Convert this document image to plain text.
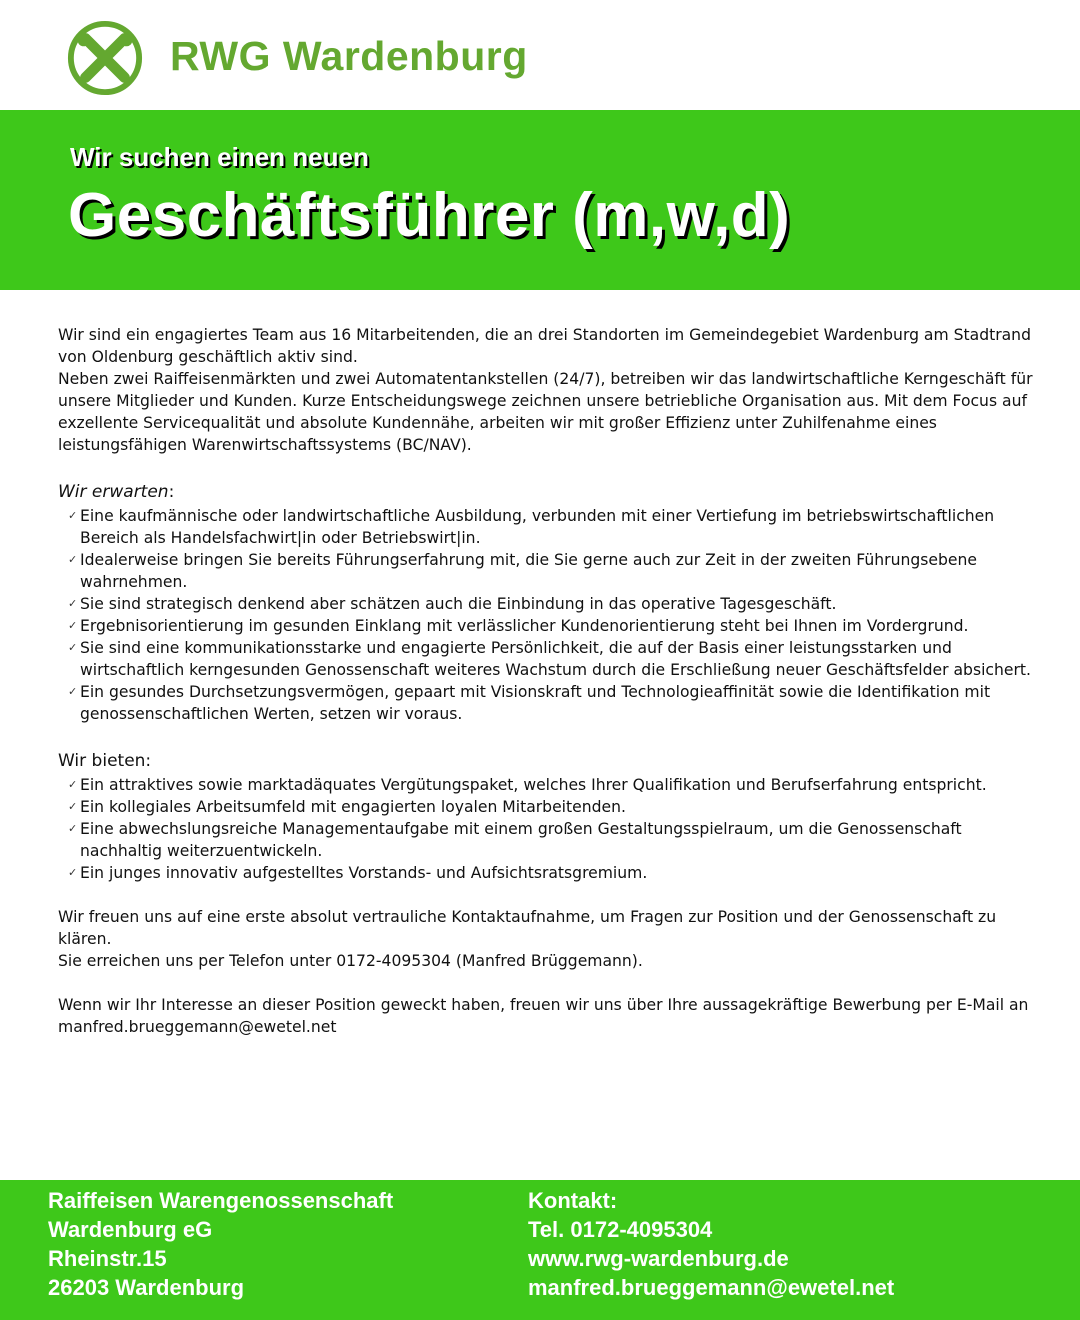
RWG Wardenburg
Wir suchen einen neuen
Geschäftsführer (m,w,d)

Wir sind ein engagiertes Team aus 16 Mitarbeitenden, die an drei Standorten im Gemeindegebiet Wardenburg am Stadtrand von Oldenburg geschäftlich aktiv sind.

Neben zwei Raiffeisenmärkten und zwei Automatentankstellen (24/7), betreiben wir das landwirtschaftliche Kerngeschäft für unsere Mitglieder und Kunden. Kurze Entscheidungswege zeichnen unsere betriebliche Organisation aus. Mit dem Focus auf exzellente Servicequalität und absolute Kundennähe, arbeiten wir mit großer Effizienz unter Zuhilfenahme eines leistungsfähigen Warenwirtschaftssystems (BC/NAV).

Wir erwarten:
✓ Eine kaufmännische oder landwirtschaftliche Ausbildung, verbunden mit einer Vertiefung im betriebswirtschaftlichen Bereich als Handelsfachwirt|in oder Betriebswirt|in.
✓ Idealerweise bringen Sie bereits Führungserfahrung mit, die Sie gerne auch zur Zeit in der zweiten Führungsebene wahrnehmen.
✓ Sie sind strategisch denkend aber schätzen auch die Einbindung in das operative Tagesgeschäft.
✓ Ergebnisorientierung im gesunden Einklang mit verlässlicher Kundenorientierung steht bei Ihnen im Vordergrund.
✓ Sie sind eine kommunikationsstarke und engagierte Persönlichkeit, die auf der Basis einer leistungsstarken und wirtschaftlich kerngesunden Genossenschaft weiteres Wachstum durch die Erschließung neuer Geschäftsfelder absichert.
✓ Ein gesundes Durchsetzungsvermögen, gepaart mit Visionskraft und Technologieaffinität sowie die Identifikation mit genossenschaftlichen Werten, setzen wir voraus.
Wir bieten:
✓ Ein attraktives sowie marktadäquates Vergütungspaket, welches Ihrer Qualifikation und Berufserfahrung entspricht.
✓ Ein kollegiales Arbeitsumfeld mit engagierten loyalen Mitarbeitenden.
✓ Eine abwechslungsreiche Managementaufgabe mit einem großen Gestaltungsspielraum, um die Genossenschaft nachhaltig weiterzuentwickeln.
✓ Ein junges innovativ aufgestelltes Vorstands- und Aufsichtsratsgremium.

Wir freuen uns auf eine erste absolut vertrauliche Kontaktaufnahme, um Fragen zur Position und der Genossenschaft zu klären.

Sie erreichen uns per Telefon unter 0172-4095304 (Manfred Brüggemann).

Wenn wir Ihr Interesse an dieser Position geweckt haben, freuen wir uns über Ihre aussagekräftige Bewerbung per E-Mail an manfred.brueggemann@ewetel.net

Raiffeisen Warengenossenschaft
Wardenburg eG
Rheinstr.15
26203 Wardenburg
Kontakt:
Tel. 0172-4095304
www.rwg-wardenburg.de
manfred.brueggemann@ewetel.net
